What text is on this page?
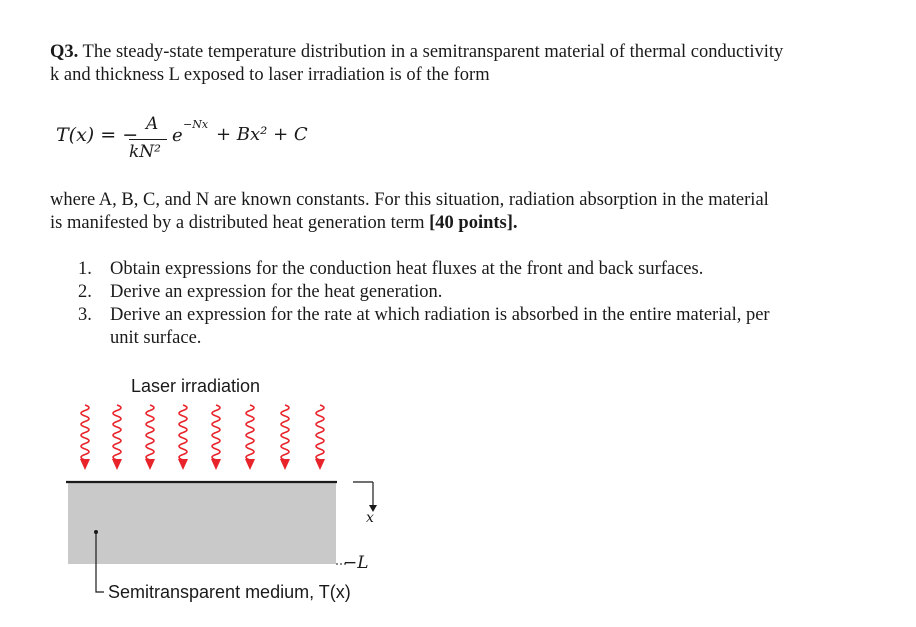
Q3. The steady-state temperature distribution in a semitransparent material of thermal conductivity
k and thickness L exposed to laser irradiation is of the form
T(x) = − A
kN²
e
−Nx + Bx² + C
where A, B, C, and N are known constants. For this situation, radiation absorption in the material
is manifested by a distributed heat generation term [40 points].
1. Obtain expressions for the conduction heat fluxes at the front and back surfaces.
2. Derive an expression for the heat generation.
3. Derive an expression for the rate at which radiation is absorbed in the entire material, per
unit surface.
Laser irradiation
x
−L
Semitransparent medium, T(x)
